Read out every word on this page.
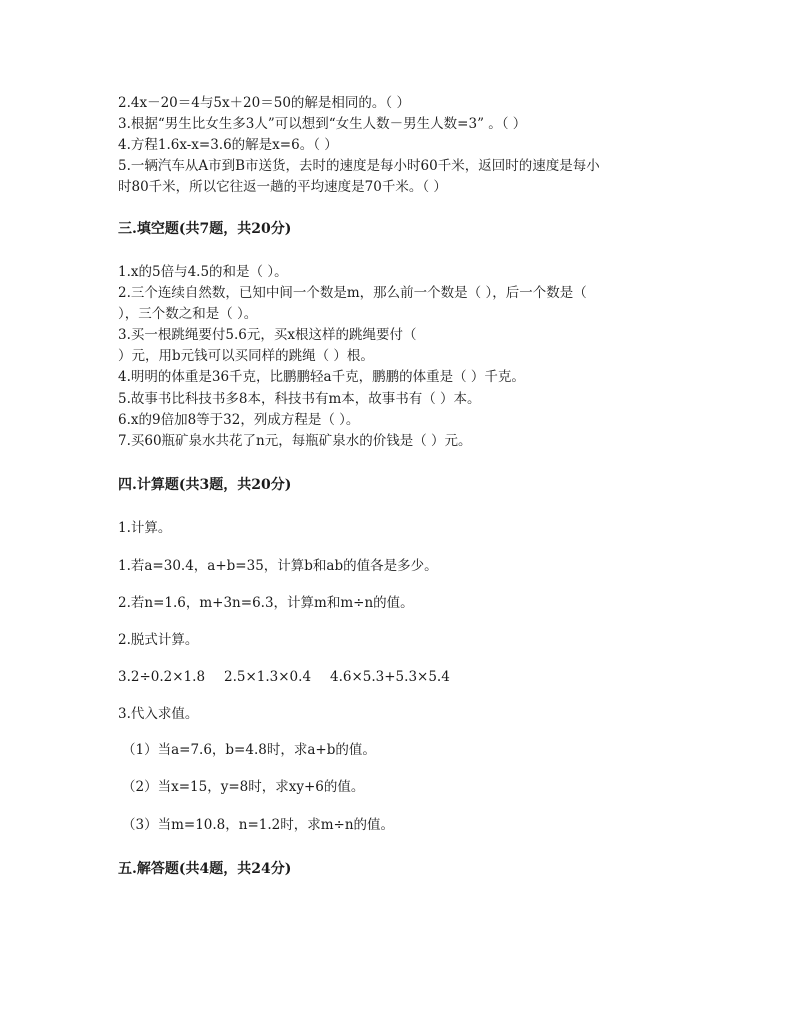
2.4x－20＝4与5x＋20＝50的解是相同的。（ ）
3.根据“男生比女生多3人”可以想到“女生人数－男生人数=3” 。（ ）
4.方程1.6x-x=3.6的解是x=6。（ ）
5.一辆汽车从A市到B市送货，去时的速度是每小时60千米，返回时的速度是每小
时80千米，所以它往返一趟的平均速度是70千米。（ ）
三.填空题(共7题，共20分)
1.x的5倍与4.5的和是（ ）。
2.三个连续自然数，已知中间一个数是m，那么前一个数是（ ），后一个数是（
），三个数之和是（ ）。
3.买一根跳绳要付5.6元，买x根这样的跳绳要付（
）元，用b元钱可以买同样的跳绳（ ）根。
4.明明的体重是36千克，比鹏鹏轻a千克，鹏鹏的体重是（ ）千克。
5.故事书比科技书多8本，科技书有m本，故事书有（ ）本。
6.x的9倍加8等于32，列成方程是（ ）。
7.买60瓶矿泉水共花了n元，每瓶矿泉水的价钱是（ ）元。
四.计算题(共3题，共20分)
1.计算。
1.若a=30.4，a+b=35，计算b和ab的值各是多少。
2.若n=1.6，m+3n=6.3，计算m和m÷n的值。
2.脱式计算。
3.2÷0.2×1.8 2.5×1.3×0.4 4.6×5.3+5.3×5.4
3.代入求值。
（1）当a=7.6，b=4.8时，求a+b的值。
（2）当x=15，y=8时，求xy+6的值。
（3）当m=10.8，n=1.2时，求m÷n的值。
五.解答题(共4题，共24分)
